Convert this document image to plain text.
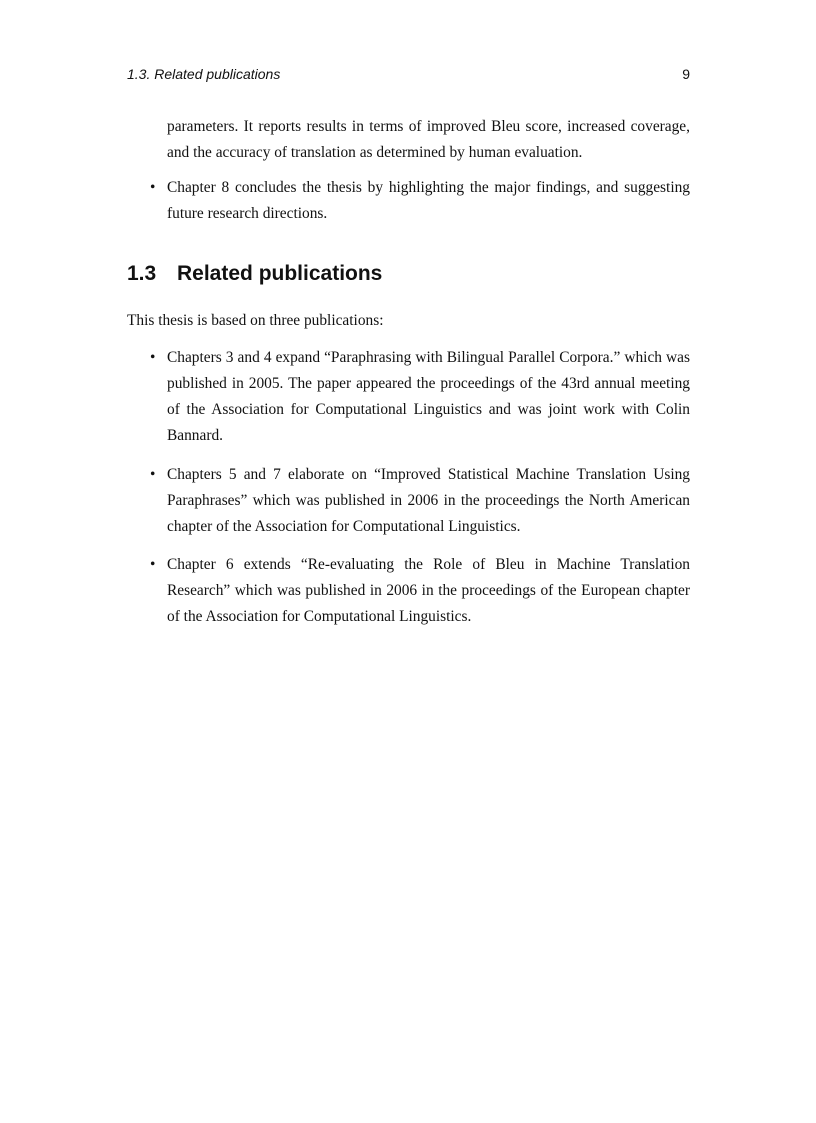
1.3. Related publications	9
parameters. It reports results in terms of improved Bleu score, increased coverage, and the accuracy of translation as determined by human evaluation.
• Chapter 8 concludes the thesis by highlighting the major findings, and suggesting future research directions.
1.3 Related publications
This thesis is based on three publications:
• Chapters 3 and 4 expand “Paraphrasing with Bilingual Parallel Corpora.” which was published in 2005. The paper appeared the proceedings of the 43rd annual meeting of the Association for Computational Linguistics and was joint work with Colin Bannard.
• Chapters 5 and 7 elaborate on “Improved Statistical Machine Translation Using Paraphrases” which was published in 2006 in the proceedings the North American chapter of the Association for Computational Linguistics.
• Chapter 6 extends “Re-evaluating the Role of Bleu in Machine Translation Research” which was published in 2006 in the proceedings of the European chapter of the Association for Computational Linguistics.
